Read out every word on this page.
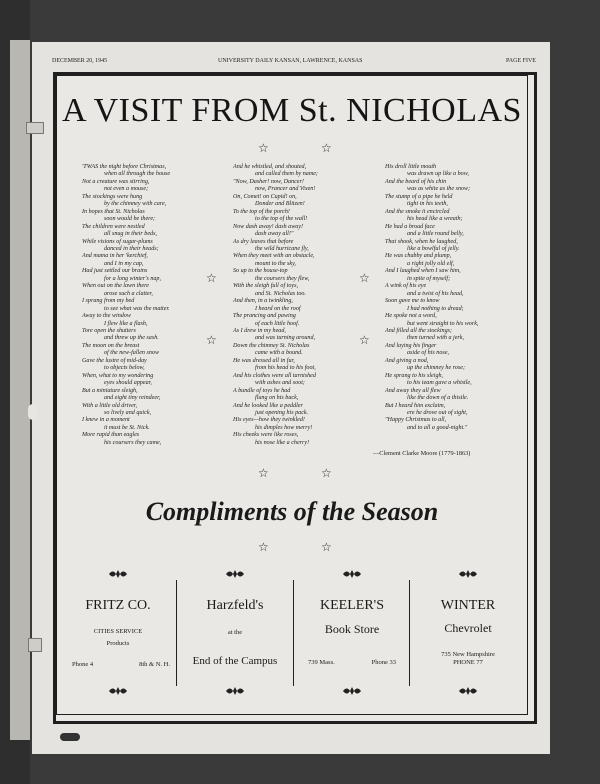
DECEMBER 20, 1945	UNIVERSITY DAILY KANSAN, LAWRENCE, KANSAS	PAGE FIVE
A VISIT FROM St. NICHOLAS
☆	☆
☆	☆
☆	☆
☆	☆
☆	☆
'TWAS the night before Christmas,
when all through the house
Not a creature was stirring,
not even a mouse;
The stockings were hung
by the chimney with care,
In hopes that St. Nicholas
soon would be there;
The children were nestled
all snug in their beds,
While visions of sugar-plums
danced in their heads;
And mama in her 'kerchief,
and I in my cap,
Had just settled our brains
for a long winter's nap,
When out on the lawn there
arose such a clatter,
I sprang from my bed
to see what was the matter.
Away to the window
I flew like a flash,
Tore open the shutters
and threw up the sash.
The moon on the breast
of the new-fallen snow
Gave the lustre of mid-day
to objects below,
When, what to my wondering
eyes should appear,
But a miniature sleigh,
and eight tiny reindeer,
With a little old driver,
so lively and quick,
I knew in a moment
it must be St. Nick.
More rapid than eagles
his coursers they came,
And he whistled, and shouted,
and called them by name;
"Now, Dasher! now, Dancer!
now, Prancer and Vixen!
On, Comet! on Cupid! on,
Donder and Blitzen!
To the top of the porch!
to the top of the wall!
Now dash away! dash away!
dash away all!"
As dry leaves that before
the wild hurricane fly,
When they meet with an obstacle,
mount to the sky,
So up to the house-top
the coursers they flew,
With the sleigh full of toys,
and St. Nicholas too.
And then, in a twinkling,
I heard on the roof
The prancing and pawing
of each little hoof.
As I drew in my head,
and was turning around,
Down the chimney St. Nicholas
came with a bound.
He was dressed all in fur,
from his head to his foot,
And his clothes were all tarnished
with ashes and soot;
A bundle of toys he had
flung on his back,
And he looked like a peddler
just opening his pack.
His eyes—how they twinkled!
his dimples how merry!
His cheeks were like roses,
his nose like a cherry!
His droll little mouth
was drawn up like a bow,
And the beard of his chin
was as white as the snow;
The stump of a pipe he held
tight in his teeth,
And the smoke it encircled
his head like a wreath;
He had a broad face
and a little round belly,
That shook, when he laughed,
like a bowlful of jelly.
He was chubby and plump,
a right jolly old elf,
And I laughed when I saw him,
in spite of myself;
A wink of his eye
and a twist of his head,
Soon gave me to know
I had nothing to dread;
He spoke not a word,
but went straight to his work,
And filled all the stockings;
then turned with a jerk,
And laying his finger
aside of his nose,
And giving a nod,
up the chimney he rose;
He sprang to his sleigh,
to his team gave a whistle,
And away they all flew
like the down of a thistle.
But I heard him exclaim,
ere he drove out of sight,
"Happy Christmas to all,
and to all a good-night."
—Clement Clarke Moore (1779-1863)
Compliments of the Season
FRITZ CO.
CITIES SERVICE
Products
Phone 4	8th & N. H.
Harzfeld's
at the
End of the Campus
KEELER'S
Book Store
739 Mass.	Phone 33
WINTER
Chevrolet
735 New Hampshire
PHONE 77
